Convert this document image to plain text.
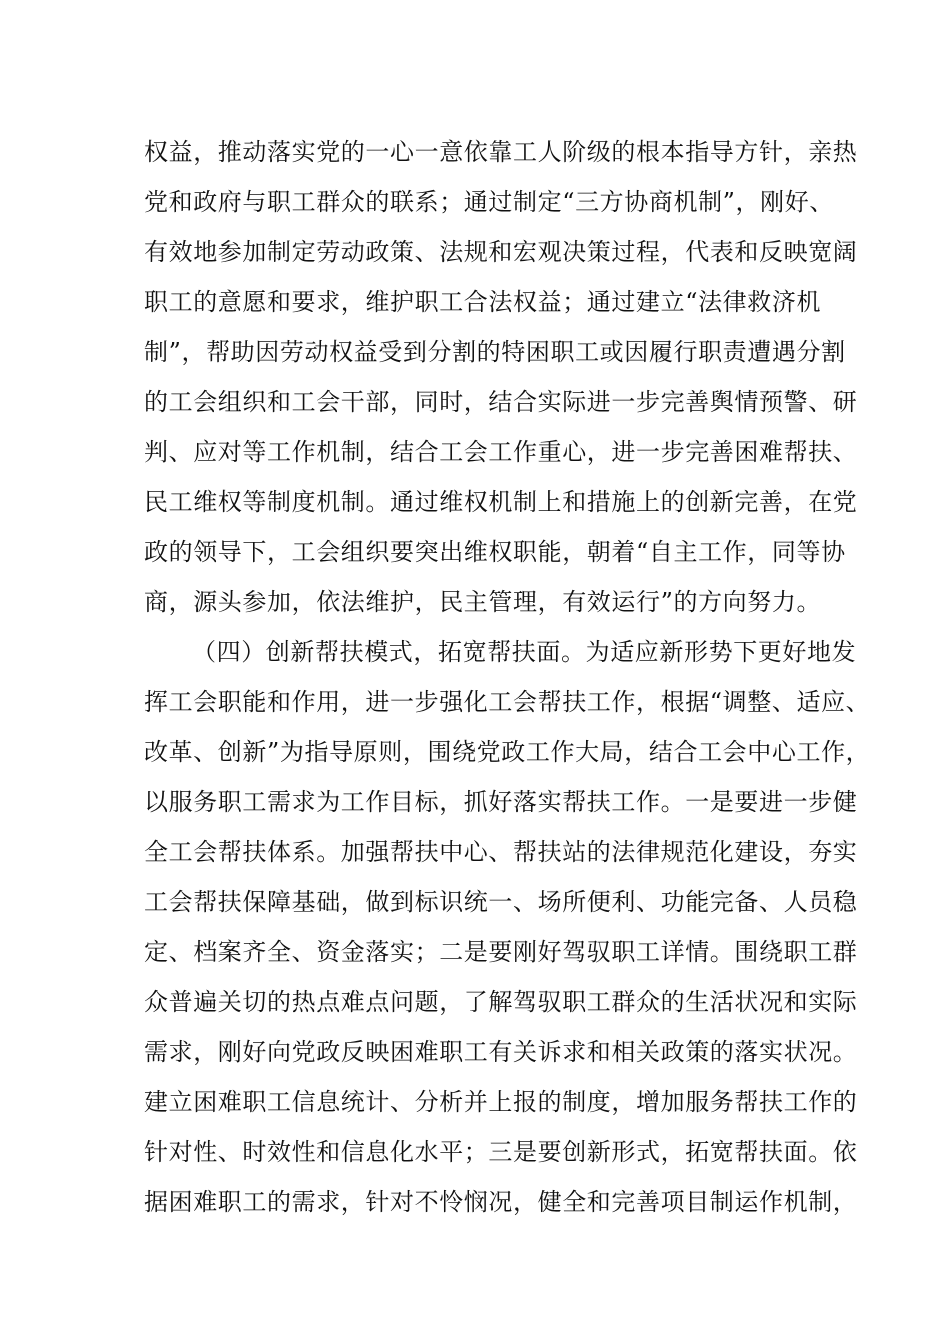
权益，推动落实党的一心一意依靠工人阶级的根本指导方针，亲热
党和政府与职工群众的联系；通过制定“三方协商机制”，刚好、
有效地参加制定劳动政策、法规和宏观决策过程，代表和反映宽阔
职工的意愿和要求，维护职工合法权益；通过建立“法律救济机
制”，帮助因劳动权益受到分割的特困职工或因履行职责遭遇分割
的工会组织和工会干部，同时，结合实际进一步完善舆情预警、研
判、应对等工作机制，结合工会工作重心，进一步完善困难帮扶、
民工维权等制度机制。通过维权机制上和措施上的创新完善，在党
政的领导下，工会组织要突出维权职能，朝着“自主工作，同等协
商，源头参加，依法维护，民主管理，有效运行”的方向努力。
（四）创新帮扶模式，拓宽帮扶面。为适应新形势下更好地发
挥工会职能和作用，进一步强化工会帮扶工作，根据“调整、适应、
改革、创新”为指导原则，围绕党政工作大局，结合工会中心工作，
以服务职工需求为工作目标，抓好落实帮扶工作。一是要进一步健
全工会帮扶体系。加强帮扶中心、帮扶站的法律规范化建设，夯实
工会帮扶保障基础，做到标识统一、场所便利、功能完备、人员稳
定、档案齐全、资金落实；二是要刚好驾驭职工详情。围绕职工群
众普遍关切的热点难点问题，了解驾驭职工群众的生活状况和实际
需求，刚好向党政反映困难职工有关诉求和相关政策的落实状况。
建立困难职工信息统计、分析并上报的制度，增加服务帮扶工作的
针对性、时效性和信息化水平；三是要创新形式，拓宽帮扶面。依
据困难职工的需求，针对不怜悯况，健全和完善项目制运作机制，
